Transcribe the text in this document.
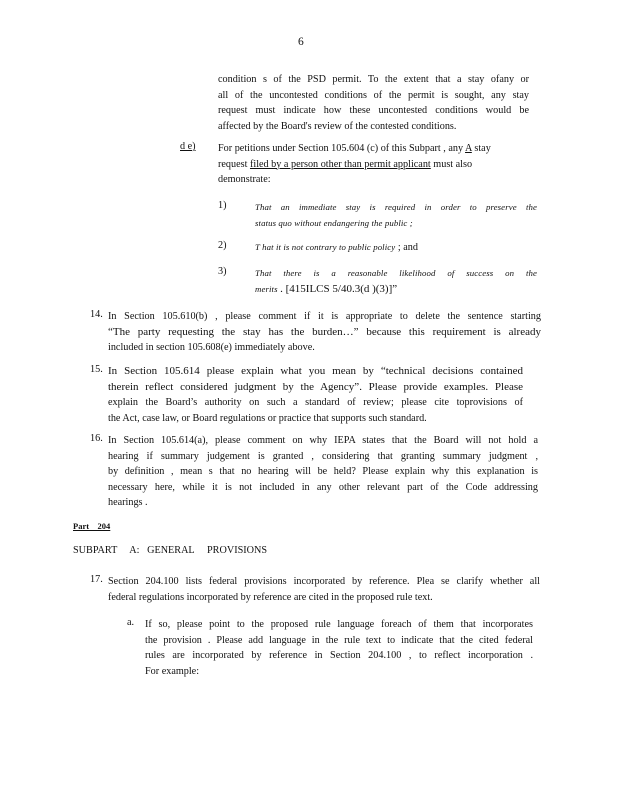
6
condition s of the PSD permit. To the extent that a stay ofany or
all of the uncontested conditions of the permit is sought, any stay
request must indicate how these uncontested conditions would be
affected by the Board's review of the contested conditions.
d e) For petitions under Section 105.604 (c) of this Subpart , any A stay
request filed by a person other than permit applicant must also
demonstrate:
1)	That an immediate stay is required in order to preserve the
status quo without endangering the public ;
2)	T hat it is not contrary to public policy ; and
3)	That there is a reasonable likelihood of success on the
merits . [415ILCS 5/40.3(d )(3)]”
14. In Section 105.610(b) , please comment if it is appropriate to delete the sentence starting
“The party requesting the stay has the burden…” because this requirement is already
included in section 105.608(e) immediately above.
15. In Section 105.614 please explain what you mean by “technical decisions contained
therein reflect considered judgment by the Agency”. Please provide examples. Please
explain the Board’s authority on such a standard of review; please cite toprovisions of
the Act, case law, or Board regulations or practice that supports such standard.
16. In Section 105.614(a), please comment on why IEPA states that the Board will not hold a
hearing if summary judgement is granted , considering that granting summary judgment ,
by definition , mean s that no hearing will be held? Please explain why this explanation is
necessary here, while it is not included in any other relevant part of the Code addressing
hearings .
Part    204
SUBPART     A:   GENERAL     PROVISIONS
17. Section 204.100 lists federal provisions incorporated by reference. Plea se clarify whether all
federal regulations incorporated by reference are cited in the proposed rule text.
a. If so, please point to the proposed rule language foreach of them that incorporates
the provision . Please add language in the rule text to indicate that the cited federal
rules are incorporated by reference in Section 204.100 , to reflect incorporation .
For example:
